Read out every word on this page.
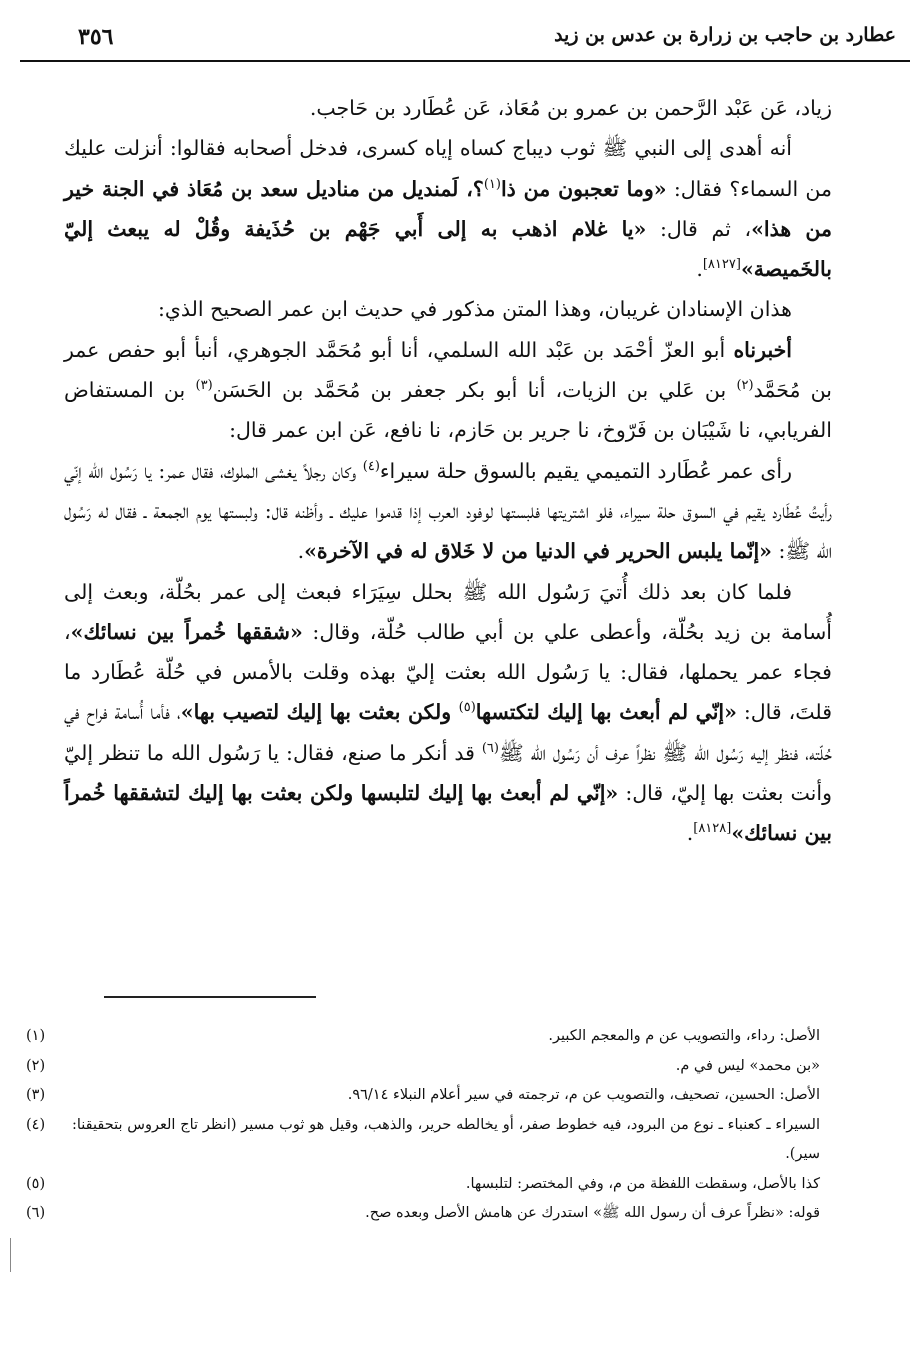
عطارد بن حاجب بن زرارة بن عدس بن زيد
٣٥٦

زياد، عَن عَبْد الرَّحمن بن عمرو بن مُعَاذ، عَن عُطَارد بن حَاجب.

أنه أهدى إلى النبي ﷺ ثوب ديباج كساه إياه كسرى، فدخل أصحابه فقالوا: أنزلت عليك من السماء؟ فقال: «وما تعجبون من ذا$^{(١)}$؟، لَمنديل من مناديل سعد بن مُعَاذ في الجنة خير من هذا»، ثم قال: «يا غلام اذهب به إلى أَبي جَهْم بن حُذَيفة وقُلْ له يبعث إليّ بالخَميصة»[٨١٢٧].

هذان الإسنادان غريبان، وهذا المتن مذكور في حديث ابن عمر الصحيح الذي:

أخبرناه أبو العزّ أحْمَد بن عَبْد الله السلمي، أنا أبو مُحَمَّد الجوهري، أنبأ أبو حفص عمر بن مُحَمَّد$^{(٢)}$ بن عَلي بن الزيات، أنا أبو بكر جعفر بن مُحَمَّد بن الحَسَن$^{(٣)}$ بن المستفاض الفريابي، نا شَيْبَان بن فَرّوخ، نا جرير بن حَازم، نا نافع، عَن ابن عمر قال:

رأى عمر عُطَارد التميمي يقيم بالسوق حلة سيراء$^{(٤)}$ وكان رجلاً يغشى الملوك، فقال عمر: يا رَسُول الله إنّي رأيتُ عُطَارد يقيم في السوق حلة سيراء، فلو اشتريتها فلبستها لوفود العرب إذا قدموا عليك ـ وأظنه قال: ولبستها يوم الجمعة ـ فقال له رَسُول الله ﷺ: «إنّما يلبس الحرير في الدنيا من لا خَلاق له في الآخرة».

فلما كان بعد ذلك أُتيَ رَسُول الله ﷺ بحلل سِيَرَاء فبعث إلى عمر بحُلّة، وبعث إلى أُسامة بن زيد بحُلّة، وأعطى علي بن أبي طالب حُلّة، وقال: «شققها خُمراً بين نسائك»، فجاء عمر يحملها، فقال: يا رَسُول الله بعثت إليّ بهذه وقلت بالأمس في حُلّة عُطَارد ما قلتَ، قال: «إنّي لم أبعث بها إليك لتكتسها$^{(٥)}$ ولكن بعثت بها إليك لتصيب بها»، فأما أُسامة فراح في حُلّته، فنظر إليه رَسُول الله ﷺ نظراً عرف أن رَسُول الله ﷺ$^{(٦)}$ قد أنكر ما صنع، فقال: يا رَسُول الله ما تنظر إليّ وأنت بعثت بها إليّ، قال: «إنّي لم أبعث بها إليك لتلبسها ولكن بعثت بها إليك لتشققها خُمراً بين نسائك»[٨١٢٨].

الأصل: رداء، والتصويب عن م والمعجم الكبير.
(١)
«بن محمد» ليس في م.
(٢)
الأصل: الحسين، تصحيف، والتصويب عن م، ترجمته في سير أعلام النبلاء ٩٦/١٤.
(٣)
السيراء ـ كعنباء ـ نوع من البرود، فيه خطوط صفر، أو يخالطه حرير، والذهب، وقيل هو ثوب مسير (انظر تاج العروس بتحقيقنا: سير).
(٤)
كذا بالأصل، وسقطت اللفظة من م، وفي المختصر: لتلبسها.
(٥)
قوله: «نظراً عرف أن رسول الله ﷺ» استدرك عن هامش الأصل وبعده صح.
(٦)
